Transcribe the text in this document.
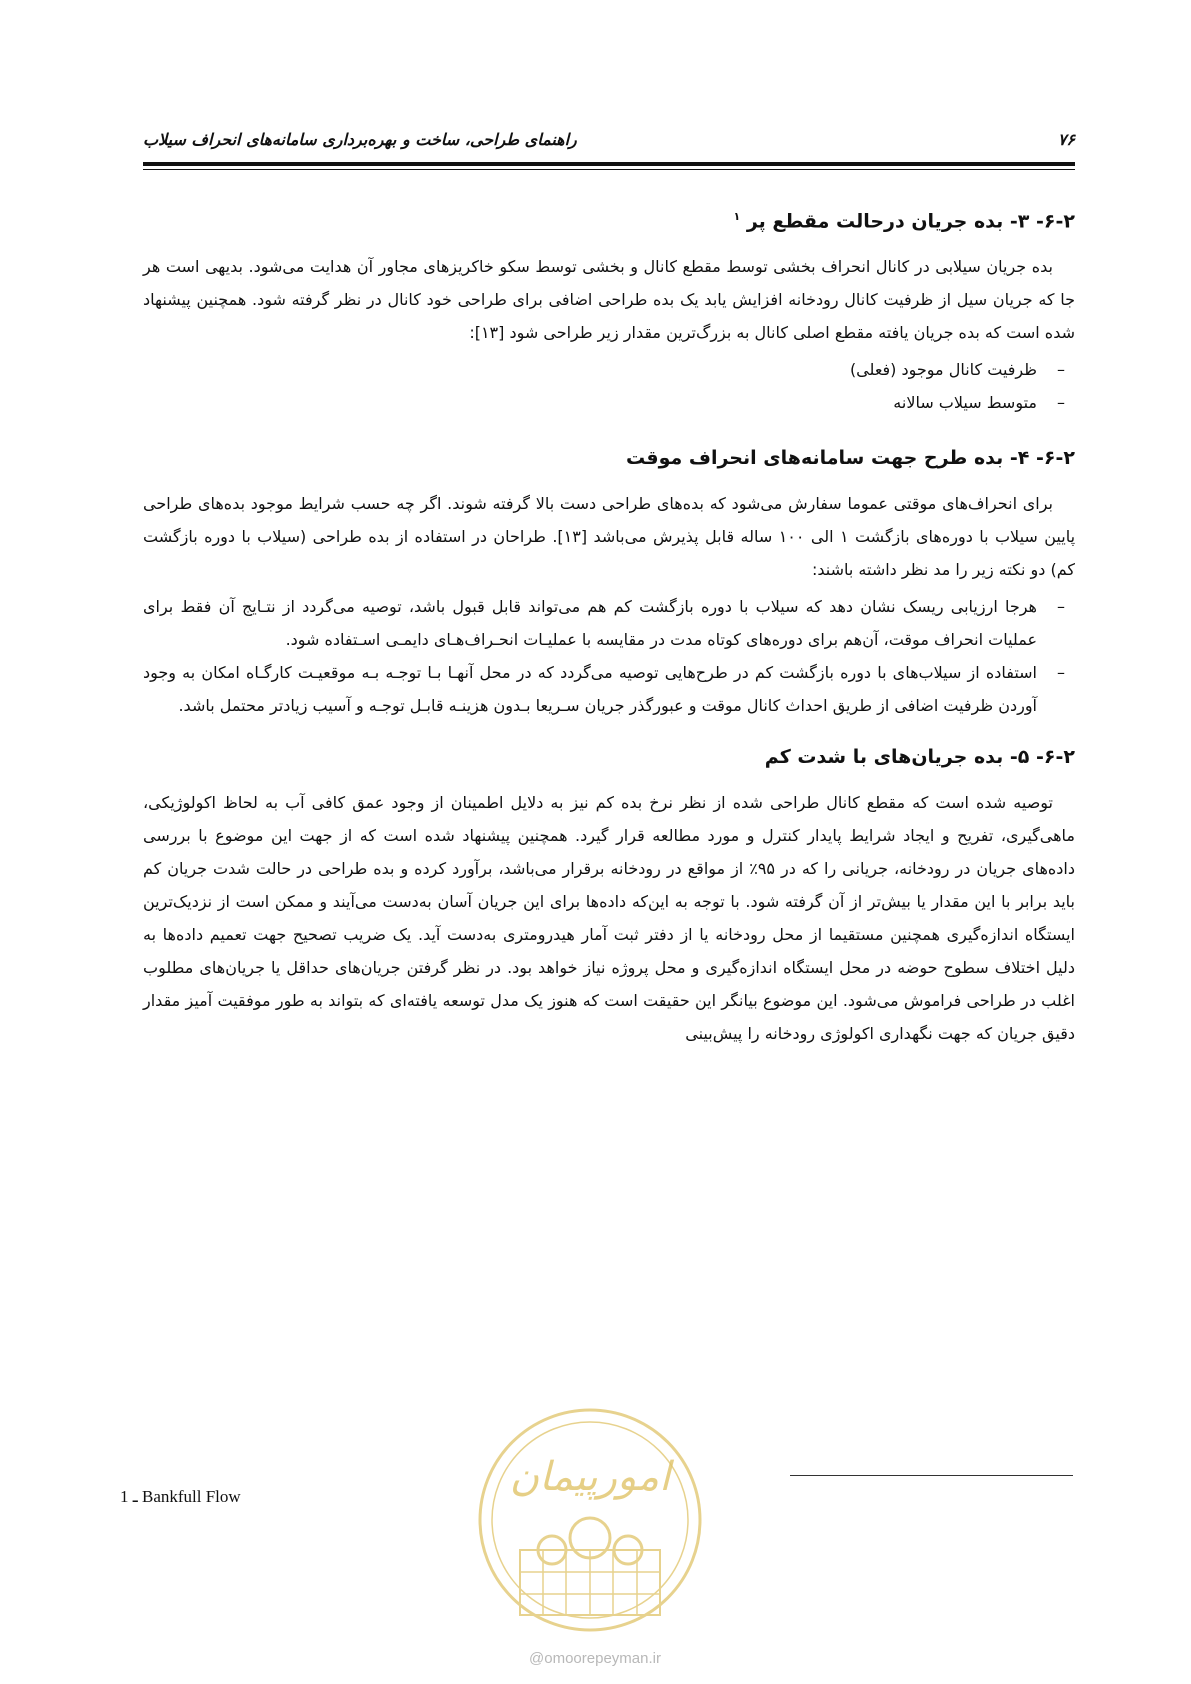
۷۶
راهنمای طراحی، ساخت و بهره‌برداری سامانه‌های انحراف سیلاب
۶-۲- ۳- بده جریان درحالت مقطع پر $^۱$

بده جریان سیلابی در کانال انحراف بخشی توسط مقطع کانال و بخشی توسط سکو خاکریزهای مجاور آن هدایت می‌شود. بدیهی است هر جا که جریان سیل از ظرفیت کانال رودخانه افزایش یابد یک بده طراحی اضافی برای طراحی خود کانال در نظر گرفته شود. همچنین پیشنهاد شده است که بده جریان یافته مقطع اصلی کانال به بزرگ‌ترین مقدار زیر طراحی شود [۱۳]:

– ظرفیت کانال موجود (فعلی)
– متوسط سیلاب سالانه
۶-۲- ۴- بده طرح جهت سامانه‌های انحراف موقت

برای انحراف‌های موقتی عموما سفارش می‌شود که بده‌های طراحی دست بالا گرفته شوند. اگر چه حسب شرایط موجود بده‌های طراحی پایین سیلاب با دوره‌های بازگشت ۱ الی ۱۰۰ ساله قابل پذیرش می‌باشد [۱۳]. طراحان در استفاده از بده طراحی (سیلاب با دوره بازگشت کم) دو نکته زیر را مد نظر داشته باشند:

– هرجا ارزیابی ریسک نشان دهد که سیلاب با دوره بازگشت کم هم می‌تواند قابل قبول باشد، توصیه می‌گردد از نتـایج آن فقط برای عملیات انحراف موقت، آن‌هم برای دوره‌های کوتاه مدت در مقایسه با عملیـات انحـراف‌هـای دایمـی اسـتفاده شود.
– استفاده از سیلاب‌های با دوره بازگشت کم در طرح‌هایی توصیه می‌گردد که در محل آنهـا بـا توجـه بـه موقعیـت کارگـاه امکان به وجود آوردن ظرفیت اضافی از طریق احداث کانال موقت و عبورگذر جریان سـریعا بـدون هزینـه قابـل توجـه و آسیب زیادتر محتمل باشد.
۶-۲- ۵- بده جریان‌های با شدت کم

توصیه شده است که مقطع کانال طراحی شده از نظر نرخ بده کم نیز به دلایل اطمینان از وجود عمق کافی آب به لحاظ اکولوژیکی، ماهی‌گیری، تفریح و ایجاد شرایط پایدار کنترل و مورد مطالعه قرار گیرد. همچنین پیشنهاد شده است که از جهت این موضوع با بررسی داده‌های جریان در رودخانه، جریانی را که در ۹۵٪ از مواقع در رودخانه برقرار می‌باشد، برآورد کرده و بده طراحی در حالت شدت جریان کم باید برابر با این مقدار یا بیش‌تر از آن گرفته شود. با توجه به این‌که داده‌ها برای این جریان آسان به‌دست می‌آیند و ممکن است از نزدیک‌ترین ایستگاه اندازه‌گیری همچنین مستقیما از محل رودخانه یا از دفتر ثبت آمار هیدرومتری به‌دست آید. یک ضریب تصحیح جهت تعمیم داده‌ها به دلیل اختلاف سطوح حوضه در محل ایستگاه اندازه‌گیری و محل پروژه نیاز خواهد بود. در نظر گرفتن جریان‌های حداقل یا جریان‌های مطلوب اغلب در طراحی فراموش می‌شود. این موضوع بیانگر این حقیقت است که هنوز یک مدل توسعه یافته‌ای که بتواند به طور موفقیت آمیز مقدار دقیق جریان که جهت نگهداری اکولوژی رودخانه را پیش‌بینی

امورپیمان
@omoorepeyman.ir
1 ـ Bankfull Flow
